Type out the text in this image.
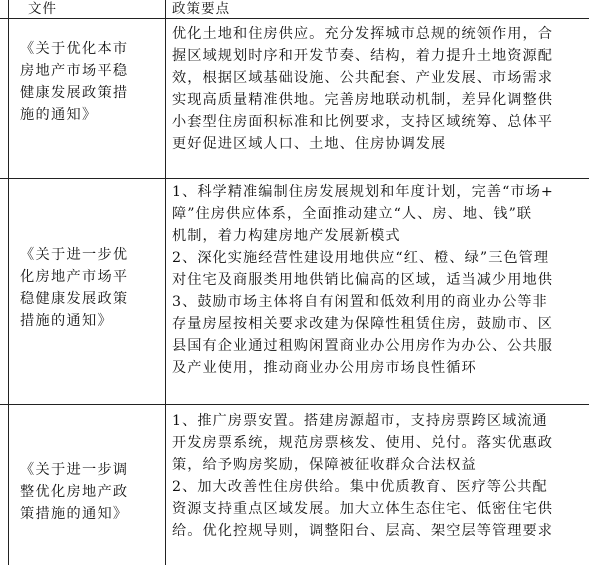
文件	政策要点
《关于优化本市
房地产市场平稳
健康发展政策措
施的通知》
优化土地和住房供应。充分发挥城市总规的统领作用，合
握区域规划时序和开发节奏、结构，着力提升土地资源配
效，根据区域基础设施、公共配套、产业发展、市场需求
实现高质量精准供地。完善房地联动机制，差异化调整供
小套型住房面积标准和比例要求，支持区域统筹、总体平
更好促进区域人口、土地、住房协调发展
《关于进一步优
化房地产市场平
稳健康发展政策
措施的通知》
1、科学精准编制住房发展规划和年度计划，完善“市场+
障”住房供应体系，全面推动建立“人、房、地、钱”联
机制，着力构建房地产发展新模式
2、深化实施经营性建设用地供应“红、橙、绿”三色管理
对住宅及商服类用地供销比偏高的区域，适当减少用地供
3、鼓励市场主体将自有闲置和低效利用的商业办公等非
存量房屋按相关要求改建为保障性租赁住房，鼓励市、区
县国有企业通过租购闲置商业办公用房作为办公、公共服
及产业使用，推动商业办公用房市场良性循环
《关于进一步调
整优化房地产政
策措施的通知》
1、推广房票安置。搭建房源超市，支持房票跨区域流通
开发房票系统，规范房票核发、使用、兑付。落实优惠政
策，给予购房奖励，保障被征收群众合法权益
2、加大改善性住房供给。集中优质教育、医疗等公共配
资源支持重点区域发展。加大立体生态住宅、低密住宅供
给。优化控规导则，调整阳台、层高、架空层等管理要求
